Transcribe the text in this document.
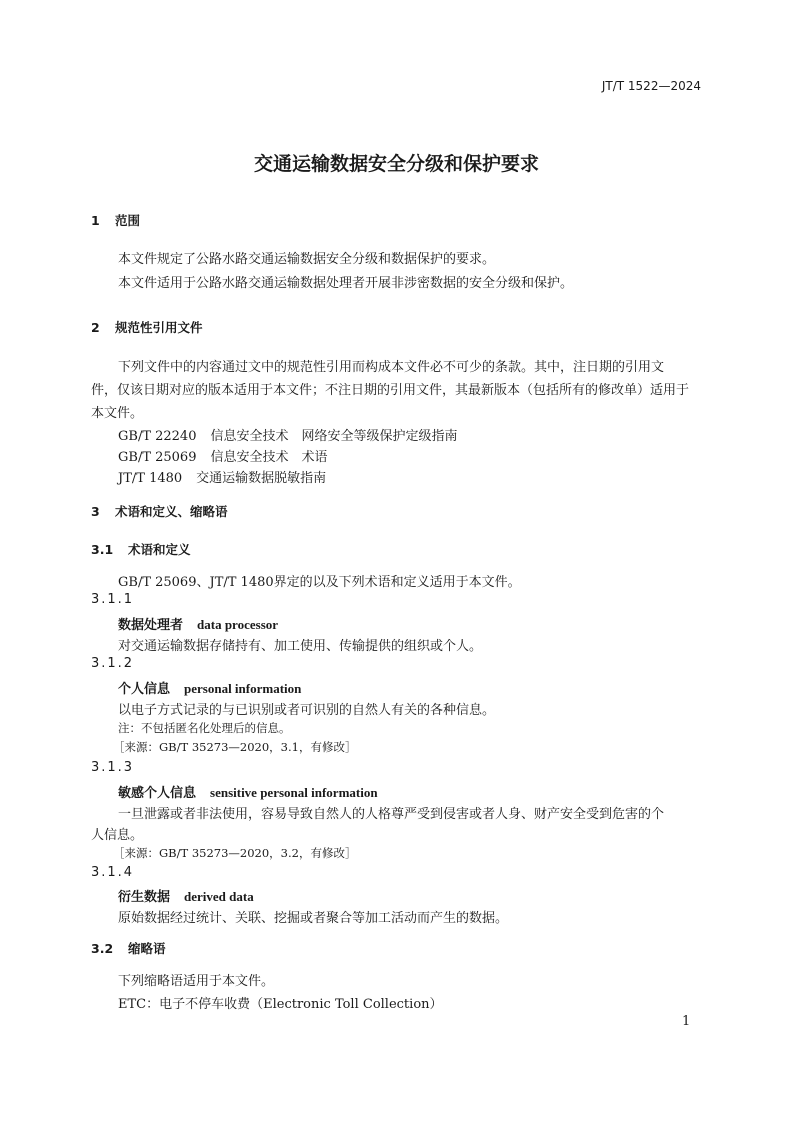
JT/T 1522—2024
交通运输数据安全分级和保护要求
1 范围
本文件规定了公路水路交通运输数据安全分级和数据保护的要求。
本文件适用于公路水路交通运输数据处理者开展非涉密数据的安全分级和保护。
2 规范性引用文件
下列文件中的内容通过文中的规范性引用而构成本文件必不可少的条款。其中，注日期的引用文
件，仅该日期对应的版本适用于本文件；不注日期的引用文件，其最新版本（包括所有的修改单）适用于
本文件。
GB/T 22240 信息安全技术　网络安全等级保护定级指南
GB/T 25069 信息安全技术　术语
JT/T 1480 交通运输数据脱敏指南
3 术语和定义、缩略语
3.1 术语和定义
GB/T 25069、JT/T 1480界定的以及下列术语和定义适用于本文件。
3.1.1
数据处理者 data processor
对交通运输数据存储持有、加工使用、传输提供的组织或个人。
3.1.2
个人信息 personal information
以电子方式记录的与已识别或者可识别的自然人有关的各种信息。
注：不包括匿名化处理后的信息。
［来源：GB/T 35273—2020，3.1，有修改］
3.1.3
敏感个人信息 sensitive personal information
一旦泄露或者非法使用，容易导致自然人的人格尊严受到侵害或者人身、财产安全受到危害的个
人信息。
［来源：GB/T 35273—2020，3.2，有修改］
3.1.4
衍生数据 derived data
原始数据经过统计、关联、挖掘或者聚合等加工活动而产生的数据。
3.2 缩略语
下列缩略语适用于本文件。
ETC：电子不停车收费（Electronic Toll Collection）
1
